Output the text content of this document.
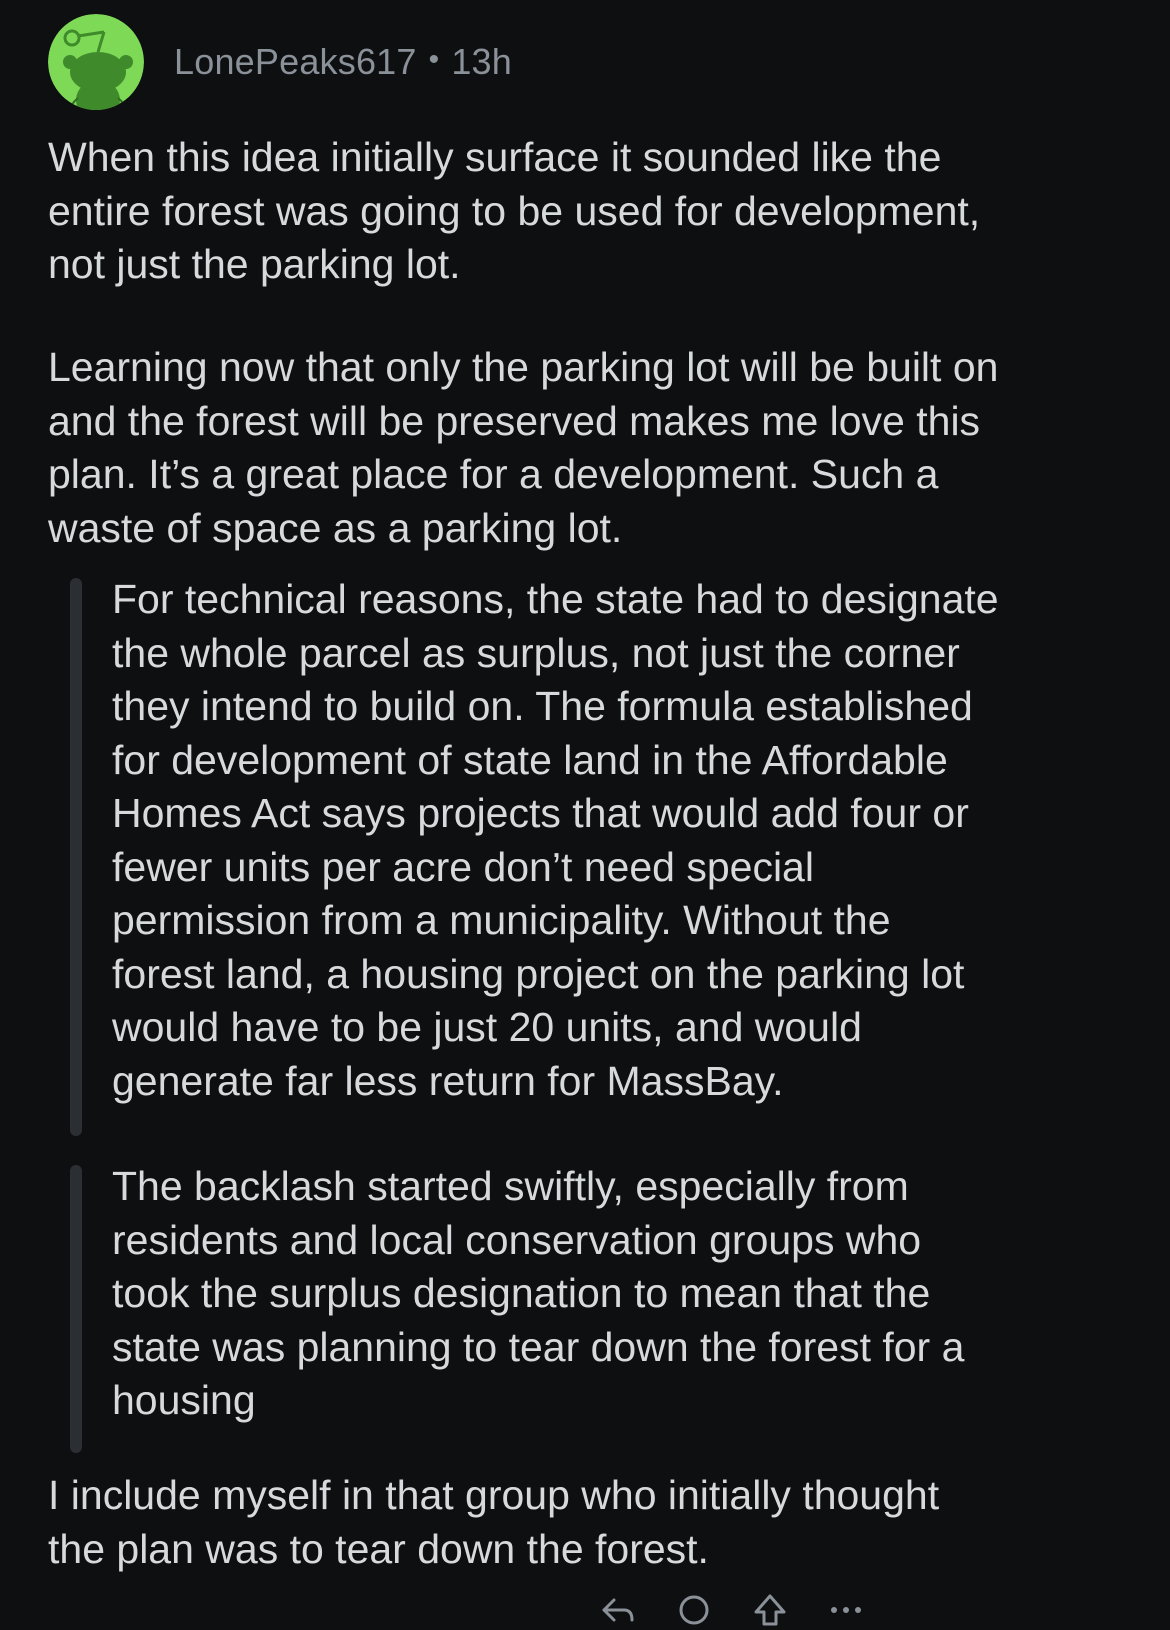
LonePeaks617 • 13h

When this idea initially surface it sounded like the
entire forest was going to be used for development,
not just the parking lot.

Learning now that only the parking lot will be built on
and the forest will be preserved makes me love this
plan. It’s a great place for a development. Such a
waste of space as a parking lot.

For technical reasons, the state had to designate
the whole parcel as surplus, not just the corner
they intend to build on. The formula established
for development of state land in the Affordable
Homes Act says projects that would add four or
fewer units per acre don’t need special
permission from a municipality. Without the
forest land, a housing project on the parking lot
would have to be just 20 units, and would
generate far less return for MassBay.

The backlash started swiftly, especially from
residents and local conservation groups who
took the surplus designation to mean that the
state was planning to tear down the forest for a
housing

I include myself in that group who initially thought
the plan was to tear down the forest.
